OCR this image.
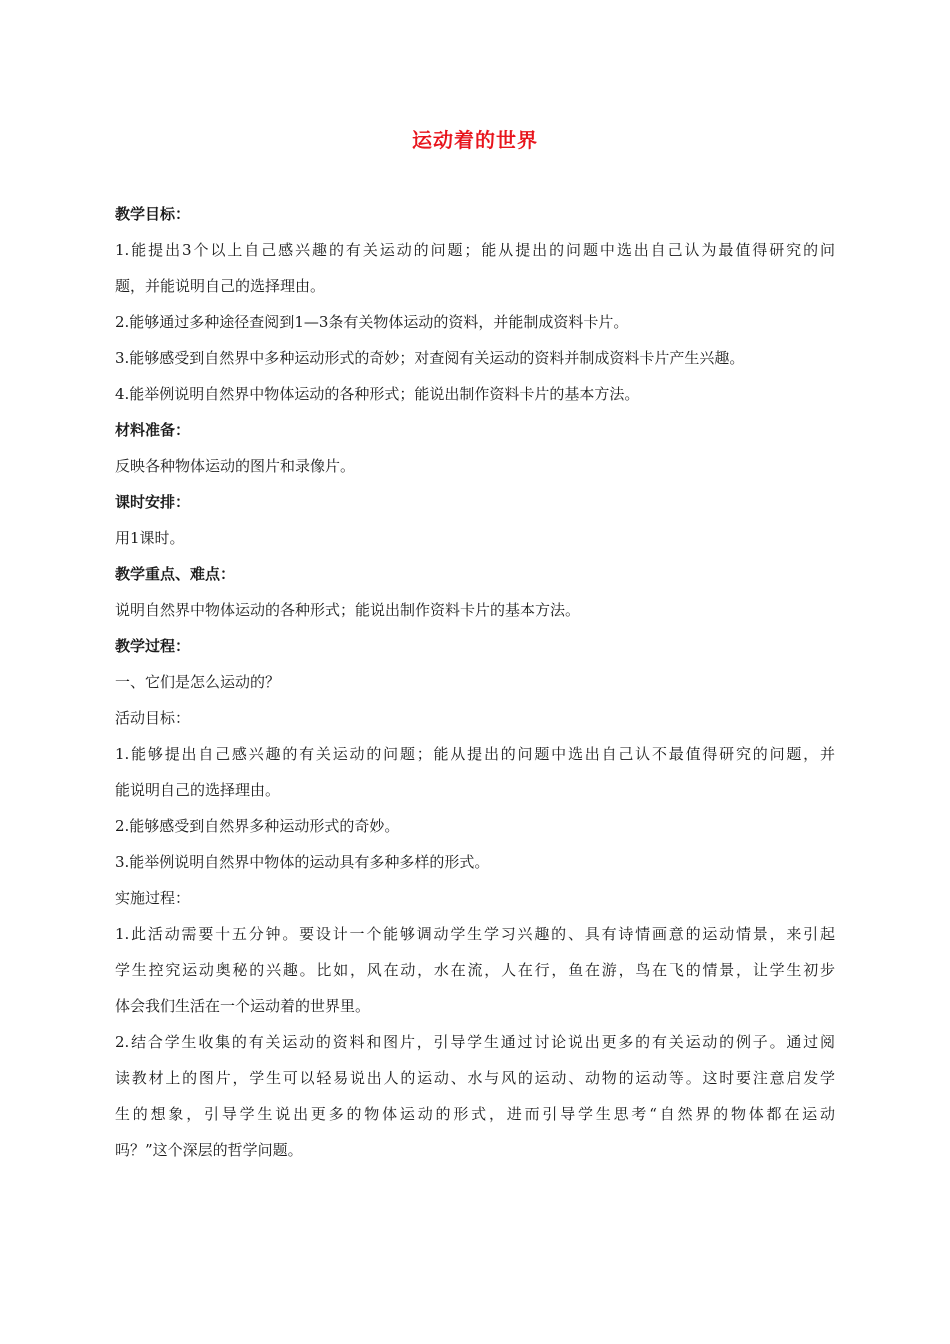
运动着的世界

教学目标：

1.能提出3个以上自己感兴趣的有关运动的问题；能从提出的问题中选出自己认为最值得研究的问
题，并能说明自己的选择理由。

2.能够通过多种途径查阅到1—3条有关物体运动的资料，并能制成资料卡片。

3.能够感受到自然界中多种运动形式的奇妙；对查阅有关运动的资料并制成资料卡片产生兴趣。

4.能举例说明自然界中物体运动的各种形式；能说出制作资料卡片的基本方法。

材料准备：

反映各种物体运动的图片和录像片。

课时安排：

用1课时。

教学重点、难点：

说明自然界中物体运动的各种形式；能说出制作资料卡片的基本方法。

教学过程：

一、它们是怎么运动的？

活动目标：

1.能够提出自己感兴趣的有关运动的问题；能从提出的问题中选出自己认不最值得研究的问题，并
能说明自己的选择理由。

2.能够感受到自然界多种运动形式的奇妙。

3.能举例说明自然界中物体的运动具有多种多样的形式。

实施过程：

1.此活动需要十五分钟。要设计一个能够调动学生学习兴趣的、具有诗情画意的运动情景，来引起
学生控究运动奥秘的兴趣。比如，风在动，水在流，人在行，鱼在游，鸟在飞的情景，让学生初步
体会我们生活在一个运动着的世界里。
2.结合学生收集的有关运动的资料和图片，引导学生通过讨论说出更多的有关运动的例子。通过阅
读教材上的图片，学生可以轻易说出人的运动、水与风的运动、动物的运动等。这时要注意启发学
生的想象，引导学生说出更多的物体运动的形式，进而引导学生思考“自然界的物体都在运动
吗？”这个深层的哲学问题。
